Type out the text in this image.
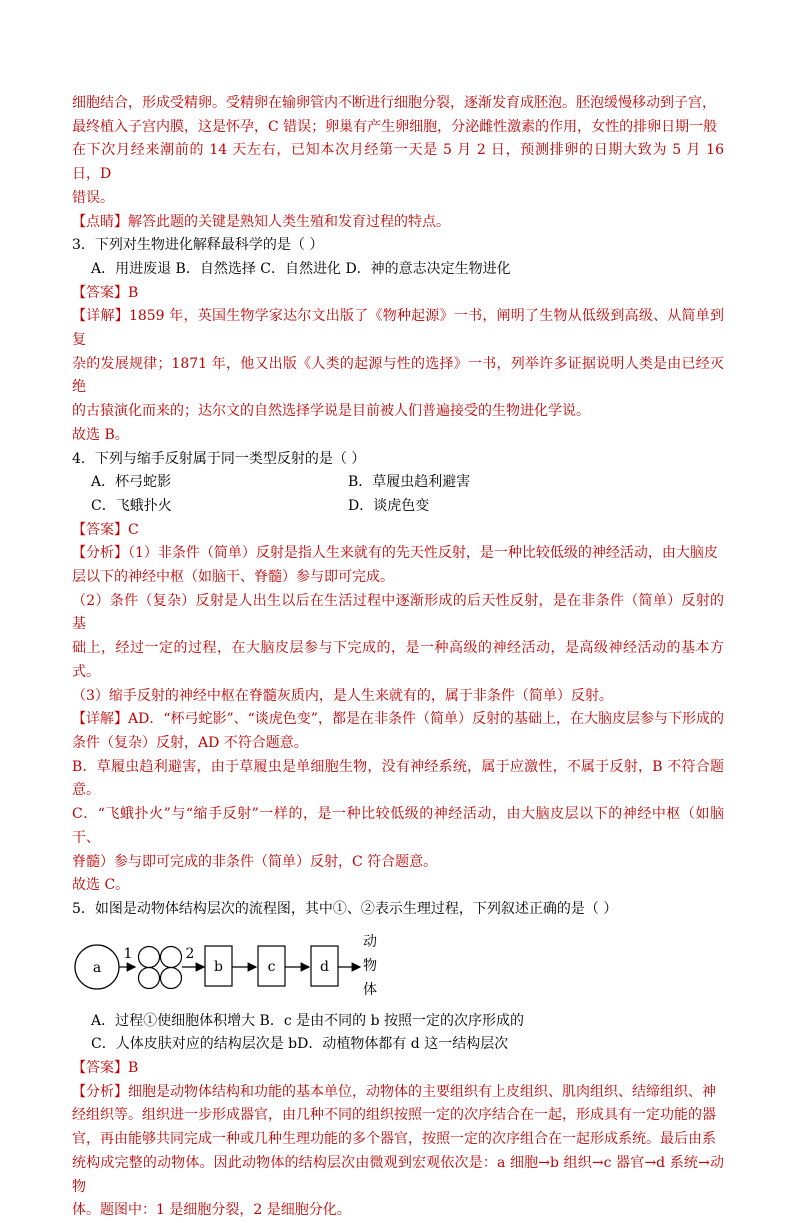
细胞结合，形成受精卵。受精卵在输卵管内不断进行细胞分裂，逐渐发育成胚泡。胚泡缓慢移动到子宫，

最终植入子宫内膜，这是怀孕，C 错误；卵巢有产生卵细胞，分泌雌性激素的作用，女性的排卵日期一般

在下次月经来潮前的 14 天左右，已知本次月经第一天是 5 月 2 日，预测排卵的日期大致为 5 月 16 日，D

错误。

【点睛】解答此题的关键是熟知人类生殖和发育过程的特点。

3．下列对生物进化解释最科学的是（ ）

A．用进废退 B．自然选择 C．自然进化 D．神的意志决定生物进化

【答案】B

【详解】1859 年，英国生物学家达尔文出版了《物种起源》一书，阐明了生物从低级到高级、从简单到复

杂的发展规律；1871 年，他又出版《人类的起源与性的选择》一书，列举许多证据说明人类是由已经灭绝

的古猿演化而来的；达尔文的自然选择学说是目前被人们普遍接受的生物进化学说。

故选 B。

4．下列与缩手反射属于同一类型反射的是（ ）

A．杯弓蛇影	B．草履虫趋利避害
C．飞蛾扑火	D．谈虎色变

【答案】C

【分析】（1）非条件（简单）反射是指人生来就有的先天性反射，是一种比较低级的神经活动，由大脑皮

层以下的神经中枢（如脑干、脊髓）参与即可完成。

（2）条件（复杂）反射是人出生以后在生活过程中逐渐形成的后天性反射，是在非条件（简单）反射的基

础上，经过一定的过程，在大脑皮层参与下完成的，是一种高级的神经活动，是高级神经活动的基本方式。

（3）缩手反射的神经中枢在脊髓灰质内，是人生来就有的，属于非条件（简单）反射。

【详解】AD．“杯弓蛇影”、“谈虎色变”，都是在非条件（简单）反射的基础上，在大脑皮层参与下形成的

条件（复杂）反射，AD 不符合题意。

B．草履虫趋利避害，由于草履虫是单细胞生物，没有神经系统，属于应激性，不属于反射，B 不符合题意。

C．“飞蛾扑火”与“缩手反射”一样的，是一种比较低级的神经活动，由大脑皮层以下的神经中枢（如脑干、

脊髓）参与即可完成的非条件（简单）反射，C 符合题意。

故选 C。

5．如图是动物体结构层次的流程图，其中①、②表示生理过程，下列叙述正确的是（ ）

a
1	2
b	c	d
动
物
体

A．过程①使细胞体积增大 B．c 是由不同的 b 按照一定的次序形成的

C．人体皮肤对应的结构层次是 bD．动植物体都有 d 这一结构层次

【答案】B

【分析】细胞是动物体结构和功能的基本单位，动物体的主要组织有上皮组织、肌肉组织、结缔组织、神

经组织等。组织进一步形成器官，由几种不同的组织按照一定的次序结合在一起，形成具有一定功能的器

官，再由能够共同完成一种或几种生理功能的多个器官，按照一定的次序组合在一起形成系统。最后由系

统构成完整的动物体。因此动物体的结构层次由微观到宏观依次是：a 细胞→b 组织→c 器官→d 系统→动物

体。题图中：1 是细胞分裂，2 是细胞分化。
